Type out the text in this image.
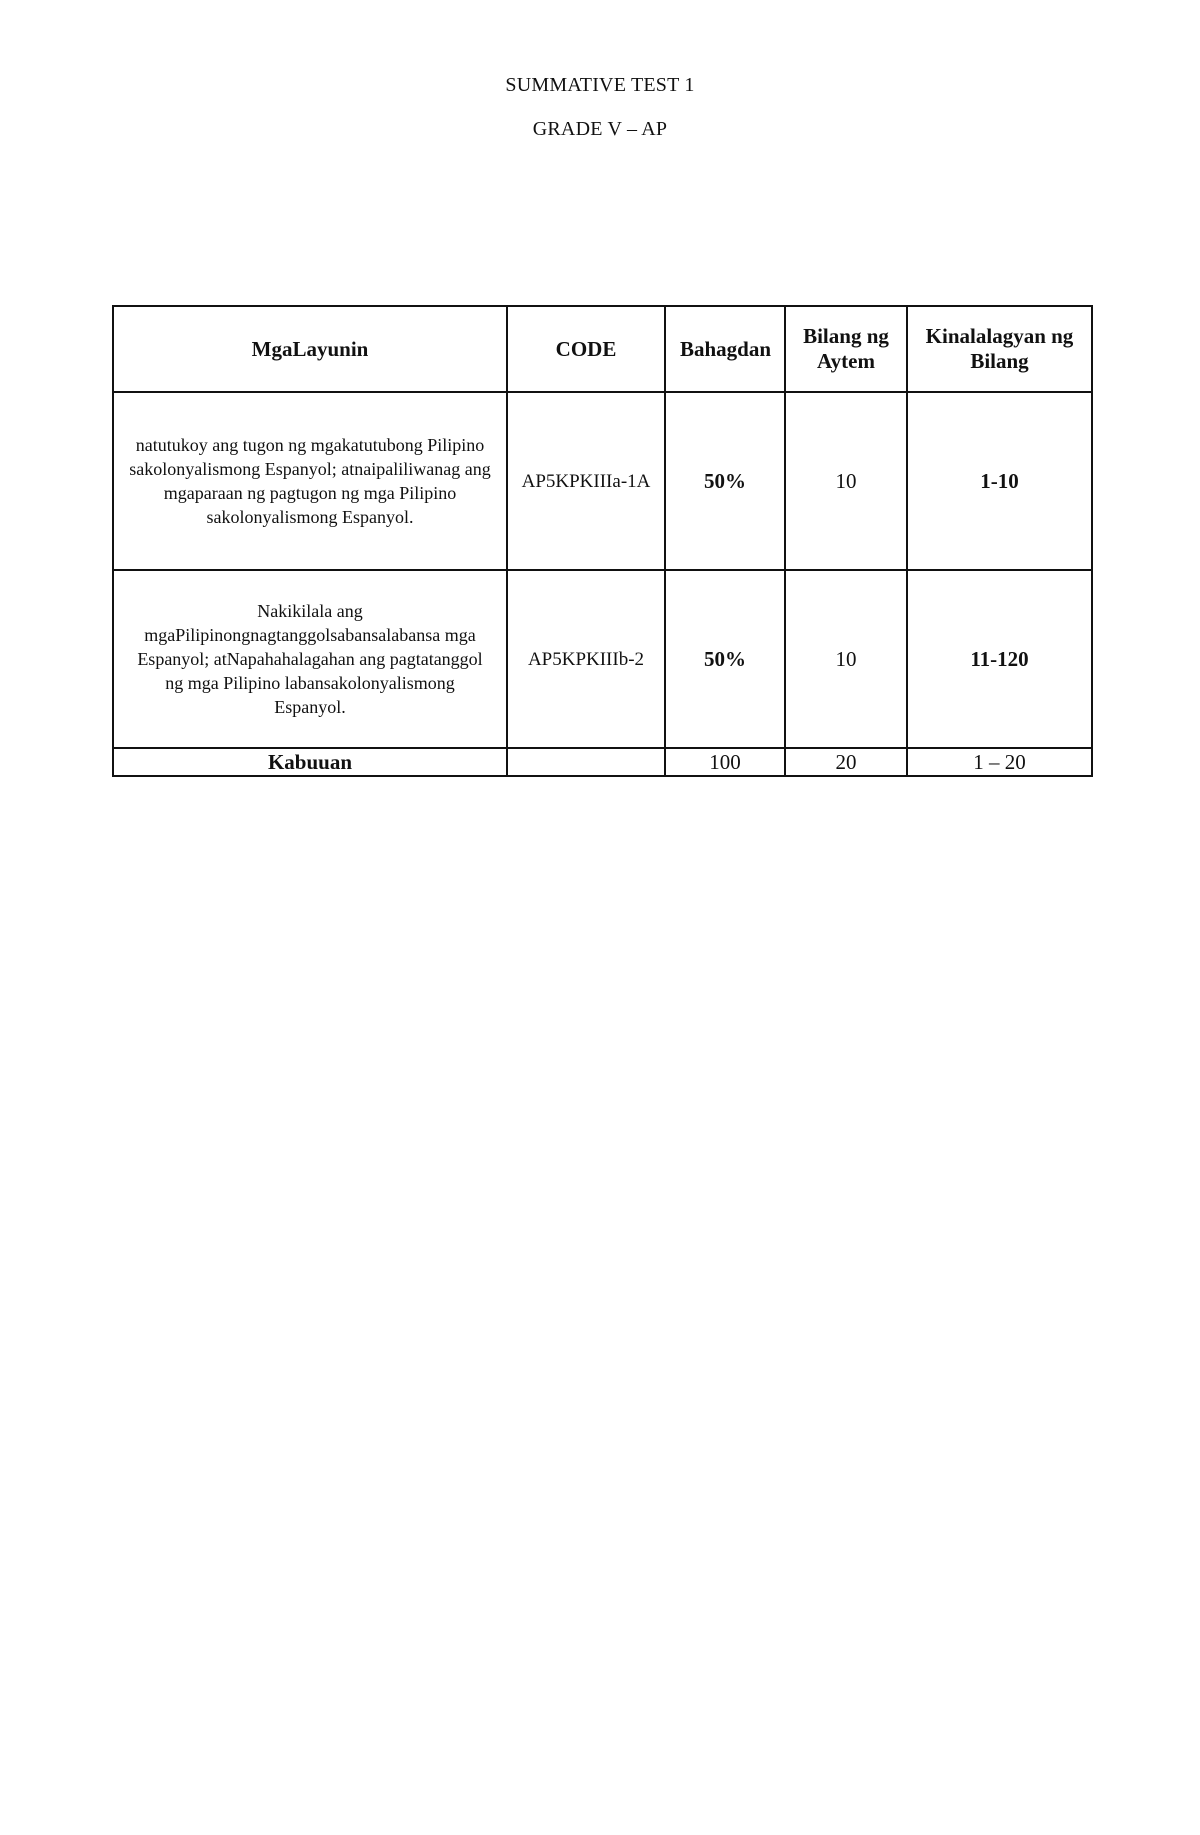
SUMMATIVE TEST 1
GRADE V – AP
MgaLayunin	CODE	Bahagdan	Bilang ng Aytem	Kinalalagyan ng Bilang
natutukoy ang tugon ng mgakatutubong Pilipino sakolonyalismong Espanyol; atnaipaliliwanag ang mgaparaan ng pagtugon ng mga Pilipino sakolonyalismong Espanyol.	AP5KPKIIIa-1A	50%	10	1-10
Nakikilala ang mgaPilipinongnagtanggolsabansalabansa mga Espanyol; atNapahahalagahan ang pagtatanggol ng mga Pilipino labansakolonyalismong Espanyol.	AP5KPKIIIb-2	50%	10	11-120
Kabuuan		100	20	1 – 20
